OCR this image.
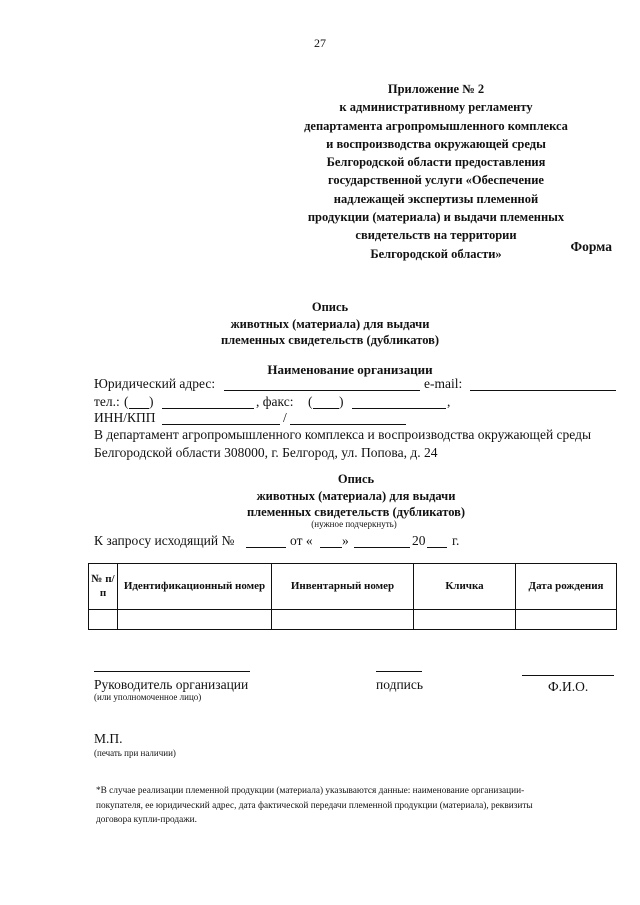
27
Приложение № 2
к административному регламенту
департамента агропромышленного комплекса
и воспроизводства окружающей среды
Белгородской области предоставления
государственной услуги «Обеспечение
надлежащей экспертизы племенной
продукции (материала) и выдачи племенных
свидетельств на территории
Белгородской области»	Форма
Опись
животных (материала) для выдачи
племенных свидетельств (дубликатов)
Наименование организации
Юридический адрес:	e-mail:
тел.: ( )	, факс: ( )	,
ИНН/КПП	/
В департамент агропромышленного комплекса и воспроизводства окружающей среды
Белгородской области 308000, г. Белгород, ул. Попова, д. 24
Опись
животных (материала) для выдачи
племенных свидетельств (дубликатов)
(нужное подчеркнуть)
К запросу исходящий №	от « »	20 г.
№ п/п	Идентификационный номер	Инвентарный номер	Кличка	Дата рождения

Руководитель организации
(или уполномоченное лицо)
подпись	Ф.И.О.
М.П.
(печать при наличии)
*В случае реализации племенной продукции (материала) указываются данные: наименование организации-
покупателя, ее юридический адрес, дата фактической передачи племенной продукции (материала), реквизиты
договора купли-продажи.
